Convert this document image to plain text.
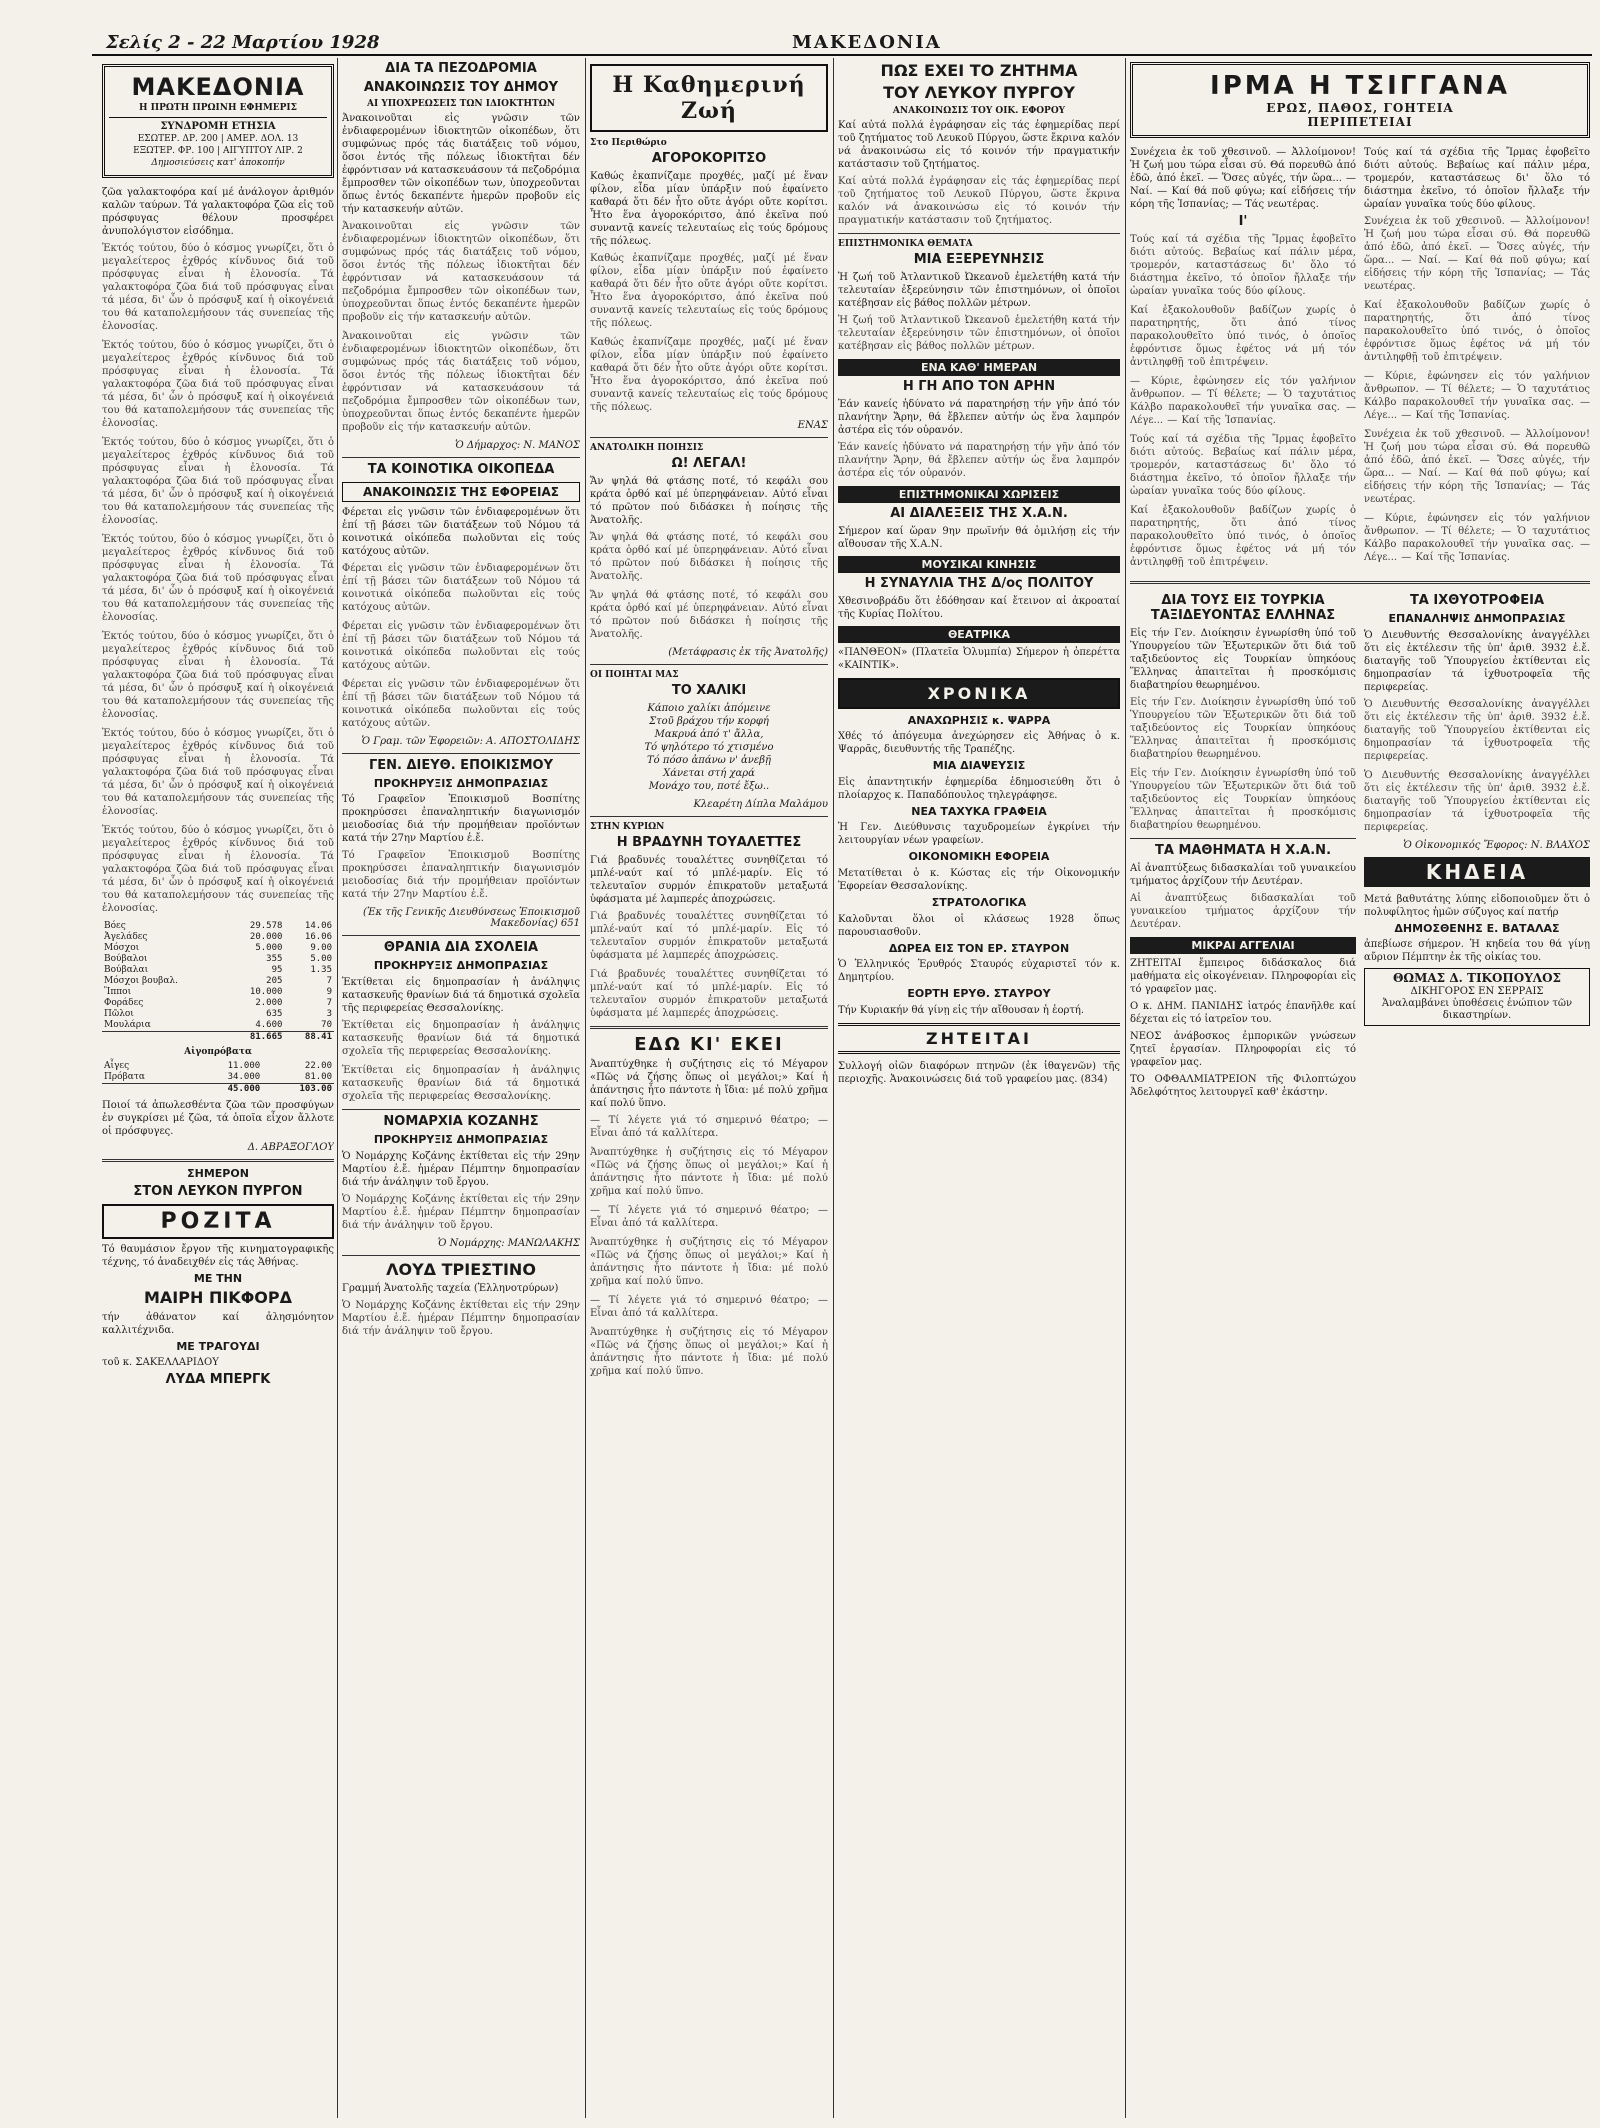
Σελίς 2 - 22 Μαρτίου 1928	ΜΑΚΕΔΟΝΙΑ
ΜΑΚΕΔΟΝΙΑ
Η ΠΡΩΤΗ ΠΡΩΙΝΗ ΕΦΗΜΕΡΙΣ
ΣΥΝΔΡΟΜΗ ΕΤΗΣΙΑ
ΕΣΩΤΕΡ. ΔΡ. 200 | ΑΜΕΡ. ΔΟΛ. 13
ΕΞΩΤΕΡ. ΦΡ. 100 | ΑΙΓΥΠΤΟΥ ΛΙΡ. 2
Δημοσιεύσεις κατ' ἀποκοπήν

ζῶα γαλακτοφόρα καί μέ ἀνάλογον ἀριθμόν καλῶν ταύρων. Τά γαλακτοφόρα ζῶα εἰς τοῦ πρόσφυγας θέλουν προσφέρει ἀνυπολόγιστον εἰσόδημα.

Ἐκτός τούτου, δύο ὁ κόσμος γνωρίζει, ὅτι ὁ μεγαλείτερος ἐχθρός κίνδυνος διά τοῦ πρόσφυγας εἶναι ἡ ἑλονοσία. Τά γαλακτοφόρα ζῶα διά τοῦ πρόσφυγας εἶναι τά μέσα, δι' ὧν ὁ πρόσφυξ καί ἡ οἰκογένειά του θά καταπολεμήσουν τάς συνεπείας τῆς ἑλονοσίας.

Ἐκτός τούτου, δύο ὁ κόσμος γνωρίζει, ὅτι ὁ μεγαλείτερος ἐχθρός κίνδυνος διά τοῦ πρόσφυγας εἶναι ἡ ἑλονοσία. Τά γαλακτοφόρα ζῶα διά τοῦ πρόσφυγας εἶναι τά μέσα, δι' ὧν ὁ πρόσφυξ καί ἡ οἰκογένειά του θά καταπολεμήσουν τάς συνεπείας τῆς ἑλονοσίας.

Ἐκτός τούτου, δύο ὁ κόσμος γνωρίζει, ὅτι ὁ μεγαλείτερος ἐχθρός κίνδυνος διά τοῦ πρόσφυγας εἶναι ἡ ἑλονοσία. Τά γαλακτοφόρα ζῶα διά τοῦ πρόσφυγας εἶναι τά μέσα, δι' ὧν ὁ πρόσφυξ καί ἡ οἰκογένειά του θά καταπολεμήσουν τάς συνεπείας τῆς ἑλονοσίας.

Ἐκτός τούτου, δύο ὁ κόσμος γνωρίζει, ὅτι ὁ μεγαλείτερος ἐχθρός κίνδυνος διά τοῦ πρόσφυγας εἶναι ἡ ἑλονοσία. Τά γαλακτοφόρα ζῶα διά τοῦ πρόσφυγας εἶναι τά μέσα, δι' ὧν ὁ πρόσφυξ καί ἡ οἰκογένειά του θά καταπολεμήσουν τάς συνεπείας τῆς ἑλονοσίας.

Ἐκτός τούτου, δύο ὁ κόσμος γνωρίζει, ὅτι ὁ μεγαλείτερος ἐχθρός κίνδυνος διά τοῦ πρόσφυγας εἶναι ἡ ἑλονοσία. Τά γαλακτοφόρα ζῶα διά τοῦ πρόσφυγας εἶναι τά μέσα, δι' ὧν ὁ πρόσφυξ καί ἡ οἰκογένειά του θά καταπολεμήσουν τάς συνεπείας τῆς ἑλονοσίας.

Ἐκτός τούτου, δύο ὁ κόσμος γνωρίζει, ὅτι ὁ μεγαλείτερος ἐχθρός κίνδυνος διά τοῦ πρόσφυγας εἶναι ἡ ἑλονοσία. Τά γαλακτοφόρα ζῶα διά τοῦ πρόσφυγας εἶναι τά μέσα, δι' ὧν ὁ πρόσφυξ καί ἡ οἰκογένειά του θά καταπολεμήσουν τάς συνεπείας τῆς ἑλονοσίας.

Ἐκτός τούτου, δύο ὁ κόσμος γνωρίζει, ὅτι ὁ μεγαλείτερος ἐχθρός κίνδυνος διά τοῦ πρόσφυγας εἶναι ἡ ἑλονοσία. Τά γαλακτοφόρα ζῶα διά τοῦ πρόσφυγας εἶναι τά μέσα, δι' ὧν ὁ πρόσφυξ καί ἡ οἰκογένειά του θά καταπολεμήσουν τάς συνεπείας τῆς ἑλονοσίας.

Βόες	29.578	14.06
Ἀγελάδες	20.000	16.06
Μόσχοι	5.000	9.00
Βούβαλοι	355	5.00
Βούβαλαι	95	1.35
Μόσχοι βουβαλ.	205	7
Ἵπποι	10.000	9
Φοράδες	2.000	7
Πῶλοι	635	3
Μουλάρια	4.600	70
	81.665	88.41
Αἰγοπρόβατα
Αἶγες	11.000	22.00
Πρόβατα	34.000	81.00
	45.000	103.00

Ποιοί τά ἀπωλεσθέντα ζῶα τῶν προσφύγων ἐν συγκρίσει μέ ζῶα, τά ὁποῖα εἶχον ἄλλοτε οἱ πρόσφυγες.

Δ. ΑΒΡΑΞΟΓΛΟΥ

ΣΗΜΕΡΟΝ
ΣΤΟΝ ΛΕΥΚΟΝ ΠΥΡΓΟΝ
ΡΟΖΙΤΑ

Τό θαυμάσιον ἔργον τῆς κινηματογραφικῆς τέχνης, τό ἀναδειχθέν εἰς τάς Ἀθήνας.

ΜΕ ΤΗΝ
ΜΑΙΡΗ ΠΙΚΦΟΡΔ

τήν ἀθάνατον καί ἀλησμόνητον καλλιτέχνιδα.

ΜΕ ΤΡΑΓΟΥΔΙ

τοῦ κ. ΣΑΚΕΛΛΑΡΙΔΟΥ

ΛΥΔΑ ΜΠΕΡΓΚ
ΔΙΑ ΤΑ ΠΕΖΟΔΡΟΜΙΑ
ΑΝΑΚΟΙΝΩΣΙΣ ΤΟΥ ΔΗΜΟΥ
ΑΙ ΥΠΟΧΡΕΩΣΕΙΣ ΤΩΝ ΙΔΙΟΚΤΗΤΩΝ

Ἀνακοινοῦται εἰς γνῶσιν τῶν ἐνδιαφερομένων ἰδιοκτητῶν οἰκοπέδων, ὅτι συμφώνως πρός τάς διατάξεις τοῦ νόμου, ὅσοι ἐντός τῆς πόλεως ἰδιοκτῆται δέν ἐφρόντισαν νά κατασκευάσουν τά πεζοδρόμια ἔμπροσθεν τῶν οἰκοπέδων των, ὑποχρεοῦνται ὅπως ἐντός δεκαπέντε ἡμερῶν προβοῦν εἰς τήν κατασκευήν αὐτῶν.

Ἀνακοινοῦται εἰς γνῶσιν τῶν ἐνδιαφερομένων ἰδιοκτητῶν οἰκοπέδων, ὅτι συμφώνως πρός τάς διατάξεις τοῦ νόμου, ὅσοι ἐντός τῆς πόλεως ἰδιοκτῆται δέν ἐφρόντισαν νά κατασκευάσουν τά πεζοδρόμια ἔμπροσθεν τῶν οἰκοπέδων των, ὑποχρεοῦνται ὅπως ἐντός δεκαπέντε ἡμερῶν προβοῦν εἰς τήν κατασκευήν αὐτῶν.

Ἀνακοινοῦται εἰς γνῶσιν τῶν ἐνδιαφερομένων ἰδιοκτητῶν οἰκοπέδων, ὅτι συμφώνως πρός τάς διατάξεις τοῦ νόμου, ὅσοι ἐντός τῆς πόλεως ἰδιοκτῆται δέν ἐφρόντισαν νά κατασκευάσουν τά πεζοδρόμια ἔμπροσθεν τῶν οἰκοπέδων των, ὑποχρεοῦνται ὅπως ἐντός δεκαπέντε ἡμερῶν προβοῦν εἰς τήν κατασκευήν αὐτῶν.

Ὁ Δήμαρχος: Ν. ΜΑΝΟΣ

ΤΑ ΚΟΙΝΟΤΙΚΑ ΟΙΚΟΠΕΔΑ
ΑΝΑΚΟΙΝΩΣΙΣ ΤΗΣ ΕΦΟΡΕΙΑΣ

Φέρεται εἰς γνῶσιν τῶν ἐνδιαφερομένων ὅτι ἐπί τῇ βάσει τῶν διατάξεων τοῦ Νόμου τά κοινοτικά οἰκόπεδα πωλοῦνται εἰς τούς κατόχους αὐτῶν.

Φέρεται εἰς γνῶσιν τῶν ἐνδιαφερομένων ὅτι ἐπί τῇ βάσει τῶν διατάξεων τοῦ Νόμου τά κοινοτικά οἰκόπεδα πωλοῦνται εἰς τούς κατόχους αὐτῶν.

Φέρεται εἰς γνῶσιν τῶν ἐνδιαφερομένων ὅτι ἐπί τῇ βάσει τῶν διατάξεων τοῦ Νόμου τά κοινοτικά οἰκόπεδα πωλοῦνται εἰς τούς κατόχους αὐτῶν.

Φέρεται εἰς γνῶσιν τῶν ἐνδιαφερομένων ὅτι ἐπί τῇ βάσει τῶν διατάξεων τοῦ Νόμου τά κοινοτικά οἰκόπεδα πωλοῦνται εἰς τούς κατόχους αὐτῶν.

Ὁ Γραμ. τῶν Ἐφορειῶν: Α. ΑΠΟΣΤΟΛΙΔΗΣ

ΓΕΝ. ΔΙΕΥΘ. ΕΠΟΙΚΙΣΜΟΥ
ΠΡΟΚΗΡΥΞΙΣ ΔΗΜΟΠΡΑΣΙΑΣ

Τό Γραφεῖον Ἐποικισμοῦ Βοσπίτης προκηρύσσει ἐπαναληπτικήν διαγωνισμόν μειοδοσίας διά τήν προμήθειαν προϊόντων κατά τήν 27ην Μαρτίου ἐ.ἔ.

Τό Γραφεῖον Ἐποικισμοῦ Βοσπίτης προκηρύσσει ἐπαναληπτικήν διαγωνισμόν μειοδοσίας διά τήν προμήθειαν προϊόντων κατά τήν 27ην Μαρτίου ἐ.ἔ.

(Ἐκ τῆς Γενικῆς Διευθύνσεως Ἐποικισμοῦ Μακεδονίας) 651

ΘΡΑΝΙΑ ΔΙΑ ΣΧΟΛΕΙΑ
ΠΡΟΚΗΡΥΞΙΣ ΔΗΜΟΠΡΑΣΙΑΣ

Ἐκτίθεται εἰς δημοπρασίαν ἡ ἀνάληψις κατασκευῆς θρανίων διά τά δημοτικά σχολεῖα τῆς περιφερείας Θεσσαλονίκης.

Ἐκτίθεται εἰς δημοπρασίαν ἡ ἀνάληψις κατασκευῆς θρανίων διά τά δημοτικά σχολεῖα τῆς περιφερείας Θεσσαλονίκης.

Ἐκτίθεται εἰς δημοπρασίαν ἡ ἀνάληψις κατασκευῆς θρανίων διά τά δημοτικά σχολεῖα τῆς περιφερείας Θεσσαλονίκης.

ΝΟΜΑΡΧΙΑ ΚΟΖΑΝΗΣ
ΠΡΟΚΗΡΥΞΙΣ ΔΗΜΟΠΡΑΣΙΑΣ

Ὁ Νομάρχης Κοζάνης ἐκτίθεται εἰς τήν 29ην Μαρτίου ἐ.ἔ. ἡμέραν Πέμπτην δημοπρασίαν διά τήν ἀνάληψιν τοῦ ἔργου.

Ὁ Νομάρχης Κοζάνης ἐκτίθεται εἰς τήν 29ην Μαρτίου ἐ.ἔ. ἡμέραν Πέμπτην δημοπρασίαν διά τήν ἀνάληψιν τοῦ ἔργου.

Ὁ Νομάρχης: ΜΑΝΩΛΑΚΗΣ

ΛΟΥΔ ΤΡΙΕΣΤΙΝΟ

Γραμμή Ἀνατολῆς ταχεία (Ἑλληνοτρύρων)

Ὁ Νομάρχης Κοζάνης ἐκτίθεται εἰς τήν 29ην Μαρτίου ἐ.ἔ. ἡμέραν Πέμπτην δημοπρασίαν διά τήν ἀνάληψιν τοῦ ἔργου.

Η Καθημερινή Ζωή
Στο Περιθώριο
ΑΓΟΡΟΚΟΡΙΤΣΟ

Καθώς ἐκαπνίζαμε προχθές, μαζί μέ ἕναν φίλον, εἶδα μίαν ὑπάρξιν πού ἐφαίνετο καθαρά ὅτι δέν ἦτο οὔτε ἀγόρι οὔτε κορίτσι. Ἦτο ἕνα ἀγοροκόριτσο, ἀπό ἐκεῖνα πού συναντᾷ κανείς τελευταίως εἰς τούς δρόμους τῆς πόλεως.

Καθώς ἐκαπνίζαμε προχθές, μαζί μέ ἕναν φίλον, εἶδα μίαν ὑπάρξιν πού ἐφαίνετο καθαρά ὅτι δέν ἦτο οὔτε ἀγόρι οὔτε κορίτσι. Ἦτο ἕνα ἀγοροκόριτσο, ἀπό ἐκεῖνα πού συναντᾷ κανείς τελευταίως εἰς τούς δρόμους τῆς πόλεως.

Καθώς ἐκαπνίζαμε προχθές, μαζί μέ ἕναν φίλον, εἶδα μίαν ὑπάρξιν πού ἐφαίνετο καθαρά ὅτι δέν ἦτο οὔτε ἀγόρι οὔτε κορίτσι. Ἦτο ἕνα ἀγοροκόριτσο, ἀπό ἐκεῖνα πού συναντᾷ κανείς τελευταίως εἰς τούς δρόμους τῆς πόλεως.

ΕΝΑΣ

ΑΝΑΤΟΛΙΚΗ ΠΟΙΗΣΙΣ
Ω! ΛΕΓΑΛ!

Ἄν ψηλά θά φτάσης ποτέ, τό κεφάλι σου κράτα ὁρθό καί μέ ὑπερηφάνειαν. Αὐτό εἶναι τό πρῶτον πού διδάσκει ἡ ποίησις τῆς Ἀνατολῆς.

Ἄν ψηλά θά φτάσης ποτέ, τό κεφάλι σου κράτα ὁρθό καί μέ ὑπερηφάνειαν. Αὐτό εἶναι τό πρῶτον πού διδάσκει ἡ ποίησις τῆς Ἀνατολῆς.

Ἄν ψηλά θά φτάσης ποτέ, τό κεφάλι σου κράτα ὁρθό καί μέ ὑπερηφάνειαν. Αὐτό εἶναι τό πρῶτον πού διδάσκει ἡ ποίησις τῆς Ἀνατολῆς.

(Μετάφρασις ἐκ τῆς Ἀνατολῆς)

ΟΙ ΠΟΙΗΤΑΙ ΜΑΣ
ΤΟ ΧΑΛΙΚΙ
Κάποιο χαλίκι ἀπόμεινε
Στοῦ βράχου τήν κορφή
Μακρυά ἀπό τ' ἄλλα,
Τό ψηλότερο τό χτισμένο
Τό πόσο ἀπάνω ν' ἀνεβῇ
Χάνεται στή χαρά
Μονάχο του, ποτέ ἔξω..

Κλεαρέτη Δίπλα Μαλάμου

ΣΤΗΝ ΚΥΡΙΩΝ
Η ΒΡΑΔΥΝΗ ΤΟΥΑΛΕΤΤΕΣ

Γιά βραδυνές τουαλέττες συνηθίζεται τό μπλέ-ναύτ καί τό μπλέ-μαρίν. Εἰς τό τελευταῖον συρμόν ἐπικρατοῦν μεταξωτά ὑφάσματα μέ λαμπερές ἀποχρώσεις.

Γιά βραδυνές τουαλέττες συνηθίζεται τό μπλέ-ναύτ καί τό μπλέ-μαρίν. Εἰς τό τελευταῖον συρμόν ἐπικρατοῦν μεταξωτά ὑφάσματα μέ λαμπερές ἀποχρώσεις.

Γιά βραδυνές τουαλέττες συνηθίζεται τό μπλέ-ναύτ καί τό μπλέ-μαρίν. Εἰς τό τελευταῖον συρμόν ἐπικρατοῦν μεταξωτά ὑφάσματα μέ λαμπερές ἀποχρώσεις.

ΕΔΩ ΚΙ' ΕΚΕΙ

Ἀναπτύχθηκε ἡ συζήτησις εἰς τό Μέγαρον «Πῶς νά ζήσης ὅπως οἱ μεγάλοι;» Καί ἡ ἀπάντησις ἦτο πάντοτε ἡ ἴδια: μέ πολύ χρῆμα καί πολύ ὕπνο.

— Τί λέγετε γιά τό σημερινό θέατρο; — Εἶναι ἀπό τά καλλίτερα.

Ἀναπτύχθηκε ἡ συζήτησις εἰς τό Μέγαρον «Πῶς νά ζήσης ὅπως οἱ μεγάλοι;» Καί ἡ ἀπάντησις ἦτο πάντοτε ἡ ἴδια: μέ πολύ χρῆμα καί πολύ ὕπνο.

— Τί λέγετε γιά τό σημερινό θέατρο; — Εἶναι ἀπό τά καλλίτερα.

Ἀναπτύχθηκε ἡ συζήτησις εἰς τό Μέγαρον «Πῶς νά ζήσης ὅπως οἱ μεγάλοι;» Καί ἡ ἀπάντησις ἦτο πάντοτε ἡ ἴδια: μέ πολύ χρῆμα καί πολύ ὕπνο.

— Τί λέγετε γιά τό σημερινό θέατρο; — Εἶναι ἀπό τά καλλίτερα.

Ἀναπτύχθηκε ἡ συζήτησις εἰς τό Μέγαρον «Πῶς νά ζήσης ὅπως οἱ μεγάλοι;» Καί ἡ ἀπάντησις ἦτο πάντοτε ἡ ἴδια: μέ πολύ χρῆμα καί πολύ ὕπνο.

ΠΩΣ ΕΧΕΙ ΤΟ ΖΗΤΗΜΑ
ΤΟΥ ΛΕΥΚΟΥ ΠΥΡΓΟΥ
ΑΝΑΚΟΙΝΩΣΙΣ ΤΟΥ ΟΙΚ. ΕΦΟΡΟΥ

Καί αὐτά πολλά ἐγράφησαν εἰς τάς ἐφημερίδας περί τοῦ ζητήματος τοῦ Λευκοῦ Πύργου, ὥστε ἔκρινα καλόν νά ἀνακοινώσω εἰς τό κοινόν τήν πραγματικήν κατάστασιν τοῦ ζητήματος.

Καί αὐτά πολλά ἐγράφησαν εἰς τάς ἐφημερίδας περί τοῦ ζητήματος τοῦ Λευκοῦ Πύργου, ὥστε ἔκρινα καλόν νά ἀνακοινώσω εἰς τό κοινόν τήν πραγματικήν κατάστασιν τοῦ ζητήματος.

ΕΠΙΣΤΗΜΟΝΙΚΑ ΘΕΜΑΤΑ
ΜΙΑ ΕΞΕΡΕΥΝΗΣΙΣ

Ἡ ζωή τοῦ Ἀτλαντικοῦ Ὠκεανοῦ ἐμελετήθη κατά τήν τελευταίαν ἐξερεύνησιν τῶν ἐπιστημόνων, οἱ ὁποῖοι κατέβησαν εἰς βάθος πολλῶν μέτρων.

Ἡ ζωή τοῦ Ἀτλαντικοῦ Ὠκεανοῦ ἐμελετήθη κατά τήν τελευταίαν ἐξερεύνησιν τῶν ἐπιστημόνων, οἱ ὁποῖοι κατέβησαν εἰς βάθος πολλῶν μέτρων.

ΕΝΑ ΚΑΘ' ΗΜΕΡΑΝ
Η ΓΗ ΑΠΟ ΤΟΝ ΑΡΗΝ

Ἐάν κανείς ἠδύνατο νά παρατηρήσῃ τήν γῆν ἀπό τόν πλανήτην Ἄρην, θά ἔβλεπεν αὐτήν ὡς ἕνα λαμπρόν ἀστέρα εἰς τόν οὐρανόν.

Ἐάν κανείς ἠδύνατο νά παρατηρήσῃ τήν γῆν ἀπό τόν πλανήτην Ἄρην, θά ἔβλεπεν αὐτήν ὡς ἕνα λαμπρόν ἀστέρα εἰς τόν οὐρανόν.

ΕΠΙΣΤΗΜΟΝΙΚΑΙ ΧΩΡΙΣΕΙΣ
ΑΙ ΔΙΑΛΕΞΕΙΣ ΤΗΣ Χ.Α.Ν.

Σήμερον καί ὥραν 9ην πρωϊνήν θά ὁμιλήσῃ εἰς τήν αἴθουσαν τῆς Χ.Α.Ν.

ΜΟΥΣΙΚΑΙ ΚΙΝΗΣΙΣ
Η ΣΥΝΑΥΛΙΑ ΤΗΣ Δ/ος ΠΟΛΙΤΟΥ

Χθεσινοβράδυ ὅτι ἐδόθησαν καί ἔτεινον αἱ ἀκροαταί τῆς Κυρίας Πολίτου.

ΘΕΑΤΡΙΚΑ

«ΠΑΝΘΕΟΝ» (Πλατεῖα Ὀλυμπία) Σήμερον ἡ ὀπερέττα «ΚΑΙΝΤΙΚ».

ΧΡΟΝΙΚΑ
ΑΝΑΧΩΡΗΣΙΣ κ. ΨΑΡΡΑ

Χθές τό ἀπόγευμα ἀνεχώρησεν εἰς Ἀθήνας ὁ κ. Ψαρρᾶς, διευθυντής τῆς Τραπέζης.

ΜΙΑ ΔΙΑΨΕΥΣΙΣ

Εἰς ἀπαντητικήν ἐφημερίδα ἐδημοσιεύθη ὅτι ὁ πλοίαρχος κ. Παπαδόπουλος τηλεγράφησε.

ΝΕΑ ΤΑΧΥΚΑ ΓΡΑΦΕΙΑ

Ἡ Γεν. Διεύθυνσις ταχυδρομείων ἐγκρίνει τήν λειτουργίαν νέων γραφείων.

ΟΙΚΟΝΟΜΙΚΗ ΕΦΟΡΕΙΑ

Μετατίθεται ὁ κ. Κώστας εἰς τήν Οἰκονομικήν Ἐφορείαν Θεσσαλονίκης.

ΣΤΡΑΤΟΛΟΓΙΚΑ

Καλοῦνται ὅλοι οἱ κλάσεως 1928 ὅπως παρουσιασθοῦν.

ΔΩΡΕΑ ΕΙΣ ΤΟΝ ΕΡ. ΣΤΑΥΡΟΝ

Ὁ Ἑλληνικός Ἐρυθρός Σταυρός εὐχαριστεῖ τόν κ. Δημητρίου.

ΕΟΡΤΗ ΕΡΥΘ. ΣΤΑΥΡΟΥ

Τήν Κυριακήν θά γίνῃ εἰς τήν αἴθουσαν ἡ ἑορτή.

ΖΗΤΕΙΤΑΙ

Συλλογή οἰῶν διαφόρων πτηνῶν (ἐκ ἰθαγενῶν) τῆς περιοχῆς. Ἀνακοινώσεις διά τοῦ γραφείου μας. (834)

ΙΡΜΑ Η ΤΣΙΓΓΑΝΑ
ΕΡΩΣ, ΠΑΘΟΣ, ΓΟΗΤΕΙΑ
ΠΕΡΙΠΕΤΕΙΑΙ

Συνέχεια ἐκ τοῦ χθεσινοῦ. — Ἀλλοίμονον! Ἡ ζωή μου τώρα εἶσαι σύ. Θά πορευθῶ ἀπό ἐδῶ, ἀπό ἐκεῖ. — Ὅσες αὐγές, τήν ὥρα... — Ναί. — Καί θά ποῦ φύγω; καί εἰδήσεις τήν κόρη τῆς Ἰσπανίας; — Τάς νεωτέρας.

Ι'

Τούς καί τά σχέδια τῆς Ἴρμας ἐφοβεῖτο διότι αὐτούς. Βεβαίως καί πάλιν μέρα, τρομερόν, καταστάσεως δι' ὅλο τό διάστημα ἐκεῖνο, τό ὁποῖον ἤλλαξε τήν ὡραίαν γυναῖκα τούς δύο φίλους.

Καί ἐξακολουθοῦν βαδίζων χωρίς ὁ παρατηρητής, ὅτι ἀπό τίνος παρακολουθεῖτο ὑπό τινός, ὁ ὁποῖος ἐφρόντισε ὅμως ἐφέτος νά μή τόν ἀντιληφθῇ τοῦ ἐπιτρέψειν.

— Κύριε, ἐφώνησεν εἰς τόν γαλήνιον ἄνθρωπον. — Τί θέλετε; — Ὁ ταχυτάτιος Κάλβο παρακολουθεῖ τήν γυναῖκα σας. — Λέγε... — Καί τῆς Ἰσπανίας.

Τούς καί τά σχέδια τῆς Ἴρμας ἐφοβεῖτο διότι αὐτούς. Βεβαίως καί πάλιν μέρα, τρομερόν, καταστάσεως δι' ὅλο τό διάστημα ἐκεῖνο, τό ὁποῖον ἤλλαξε τήν ὡραίαν γυναῖκα τούς δύο φίλους.

Καί ἐξακολουθοῦν βαδίζων χωρίς ὁ παρατηρητής, ὅτι ἀπό τίνος παρακολουθεῖτο ὑπό τινός, ὁ ὁποῖος ἐφρόντισε ὅμως ἐφέτος νά μή τόν ἀντιληφθῇ τοῦ ἐπιτρέψειν.

Τούς καί τά σχέδια τῆς Ἴρμας ἐφοβεῖτο διότι αὐτούς. Βεβαίως καί πάλιν μέρα, τρομερόν, καταστάσεως δι' ὅλο τό διάστημα ἐκεῖνο, τό ὁποῖον ἤλλαξε τήν ὡραίαν γυναῖκα τούς δύο φίλους.

Συνέχεια ἐκ τοῦ χθεσινοῦ. — Ἀλλοίμονον! Ἡ ζωή μου τώρα εἶσαι σύ. Θά πορευθῶ ἀπό ἐδῶ, ἀπό ἐκεῖ. — Ὅσες αὐγές, τήν ὥρα... — Ναί. — Καί θά ποῦ φύγω; καί εἰδήσεις τήν κόρη τῆς Ἰσπανίας; — Τάς νεωτέρας.

Καί ἐξακολουθοῦν βαδίζων χωρίς ὁ παρατηρητής, ὅτι ἀπό τίνος παρακολουθεῖτο ὑπό τινός, ὁ ὁποῖος ἐφρόντισε ὅμως ἐφέτος νά μή τόν ἀντιληφθῇ τοῦ ἐπιτρέψειν.

— Κύριε, ἐφώνησεν εἰς τόν γαλήνιον ἄνθρωπον. — Τί θέλετε; — Ὁ ταχυτάτιος Κάλβο παρακολουθεῖ τήν γυναῖκα σας. — Λέγε... — Καί τῆς Ἰσπανίας.

Συνέχεια ἐκ τοῦ χθεσινοῦ. — Ἀλλοίμονον! Ἡ ζωή μου τώρα εἶσαι σύ. Θά πορευθῶ ἀπό ἐδῶ, ἀπό ἐκεῖ. — Ὅσες αὐγές, τήν ὥρα... — Ναί. — Καί θά ποῦ φύγω; καί εἰδήσεις τήν κόρη τῆς Ἰσπανίας; — Τάς νεωτέρας.

— Κύριε, ἐφώνησεν εἰς τόν γαλήνιον ἄνθρωπον. — Τί θέλετε; — Ὁ ταχυτάτιος Κάλβο παρακολουθεῖ τήν γυναῖκα σας. — Λέγε... — Καί τῆς Ἰσπανίας.

ΔΙΑ ΤΟΥΣ ΕΙΣ ΤΟΥΡΚΙΑ ΤΑΞΙΔΕΥΟΝΤΑΣ ΕΛΛΗΝΑΣ

Εἰς τήν Γεν. Διοίκησιν ἐγνωρίσθη ὑπό τοῦ Ὑπουργείου τῶν Ἐξωτερικῶν ὅτι διά τοῦ ταξιδεύοντος εἰς Τουρκίαν ὑπηκόους Ἕλληνας ἀπαιτεῖται ἡ προσκόμισις διαβατηρίου θεωρημένου.

Εἰς τήν Γεν. Διοίκησιν ἐγνωρίσθη ὑπό τοῦ Ὑπουργείου τῶν Ἐξωτερικῶν ὅτι διά τοῦ ταξιδεύοντος εἰς Τουρκίαν ὑπηκόους Ἕλληνας ἀπαιτεῖται ἡ προσκόμισις διαβατηρίου θεωρημένου.

Εἰς τήν Γεν. Διοίκησιν ἐγνωρίσθη ὑπό τοῦ Ὑπουργείου τῶν Ἐξωτερικῶν ὅτι διά τοῦ ταξιδεύοντος εἰς Τουρκίαν ὑπηκόους Ἕλληνας ἀπαιτεῖται ἡ προσκόμισις διαβατηρίου θεωρημένου.

ΤΑ ΜΑΘΗΜΑΤΑ Η Χ.Α.Ν.

Αἱ ἀναπτύξεως διδασκαλίαι τοῦ γυναικείου τμήματος ἀρχίζουν τήν Δευτέραν.

Αἱ ἀναπτύξεως διδασκαλίαι τοῦ γυναικείου τμήματος ἀρχίζουν τήν Δευτέραν.

ΜΙΚΡΑΙ ΑΓΓΕΛΙΑΙ

ΖΗΤΕΙΤΑΙ ἔμπειρος διδάσκαλος διά μαθήματα εἰς οἰκογένειαν. Πληροφορίαι εἰς τό γραφεῖον μας.

Ο κ. ΔΗΜ. ΠΑΝΙΔΗΣ ἰατρός ἐπανῆλθε καί δέχεται εἰς τό ἰατρεῖον του.

ΝΕΟΣ ἀνάβοσκος ἐμπορικῶν γνώσεων ζητεῖ ἐργασίαν. Πληροφορίαι εἰς τό γραφεῖον μας.

ΤΟ ΟΦΘΑΛΜΙΑΤΡΕΙΟΝ τῆς Φιλοπτώχου Ἀδελφότητος λειτουργεῖ καθ' ἑκάστην.

ΤΑ ΙΧΘΥΟΤΡΟΦΕΙΑ
ΕΠΑΝΑΛΗΨΙΣ ΔΗΜΟΠΡΑΣΙΑΣ

Ὁ Διευθυντής Θεσσαλονίκης ἀναγγέλλει ὅτι εἰς ἐκτέλεσιν τῆς ὑπ' ἀριθ. 3932 ἐ.ἔ. διαταγῆς τοῦ Ὑπουργείου ἐκτίθενται εἰς δημοπρασίαν τά ἰχθυοτροφεῖα τῆς περιφερείας.

Ὁ Διευθυντής Θεσσαλονίκης ἀναγγέλλει ὅτι εἰς ἐκτέλεσιν τῆς ὑπ' ἀριθ. 3932 ἐ.ἔ. διαταγῆς τοῦ Ὑπουργείου ἐκτίθενται εἰς δημοπρασίαν τά ἰχθυοτροφεῖα τῆς περιφερείας.

Ὁ Διευθυντής Θεσσαλονίκης ἀναγγέλλει ὅτι εἰς ἐκτέλεσιν τῆς ὑπ' ἀριθ. 3932 ἐ.ἔ. διαταγῆς τοῦ Ὑπουργείου ἐκτίθενται εἰς δημοπρασίαν τά ἰχθυοτροφεῖα τῆς περιφερείας.

Ὁ Οἰκονομικός Ἔφορος: Ν. ΒΛΑΧΟΣ

ΚΗΔΕΙΑ

Μετά βαθυτάτης λύπης εἰδοποιοῦμεν ὅτι ὁ πολυφίλητος ἡμῶν σύζυγος καί πατήρ

ΔΗΜΟΣΘΕΝΗΣ Ε. ΒΑΤΑΛΑΣ

ἀπεβίωσε σήμερον. Ἡ κηδεία του θά γίνῃ αὔριον Πέμπτην ἐκ τῆς οἰκίας του.

ΘΩΜΑΣ Δ. ΤΙΚΟΠΟΥΛΟΣ
ΔΙΚΗΓΟΡΟΣ ΕΝ ΣΕΡΡΑΙΣ
Ἀναλαμβάνει ὑποθέσεις ἐνώπιον τῶν δικαστηρίων.
